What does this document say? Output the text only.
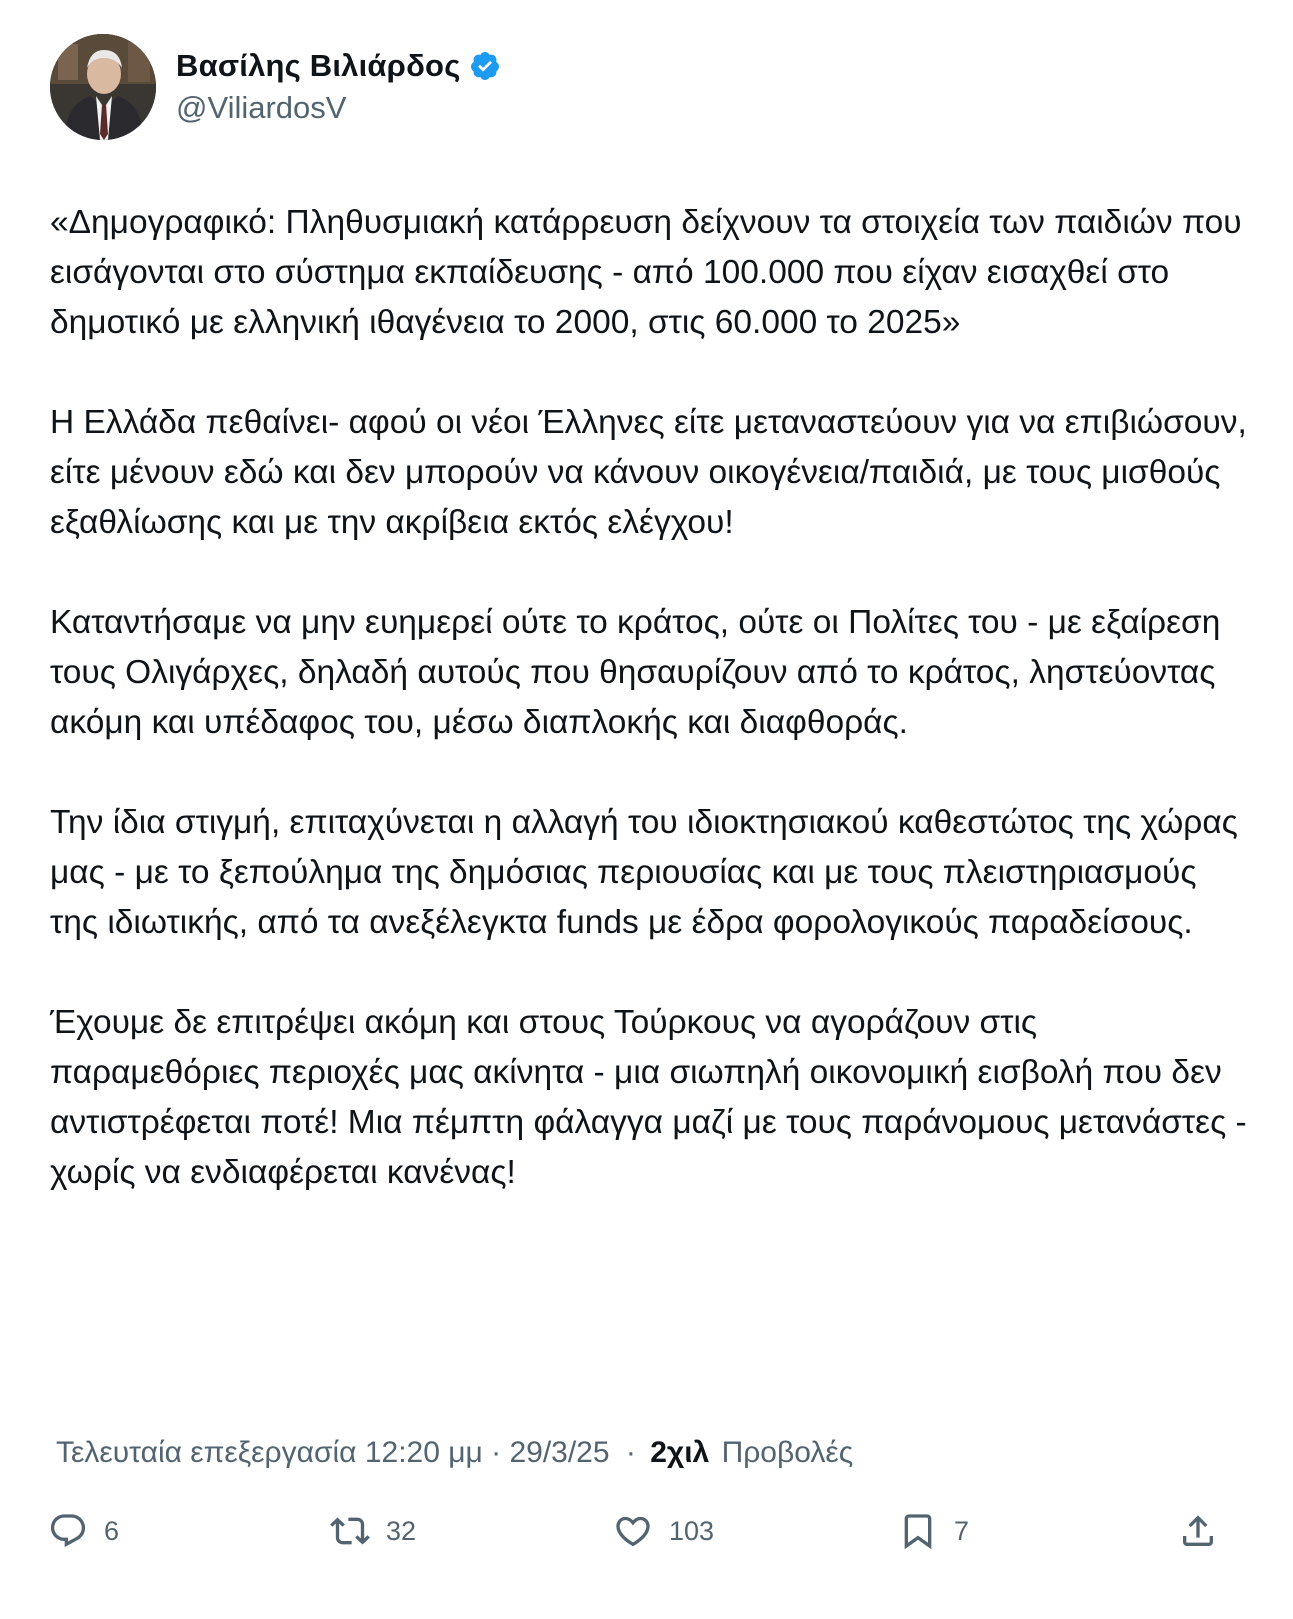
Βασίλης Βιλιάρδος
@ViliardosV

«Δημογραφικό: Πληθυσμιακή κατάρρευση δείχνουν τα στοιχεία των παιδιών που εισάγονται στο σύστημα εκπαίδευσης - από 100.000 που είχαν εισαχθεί στο δημοτικό με ελληνική ιθαγένεια το 2000, στις 60.000 το 2025»

Η Ελλάδα πεθαίνει- αφού οι νέοι Έλληνες είτε μεταναστεύουν για να επιβιώσουν, είτε μένουν εδώ και δεν μπορούν να κάνουν οικογένεια/παιδιά, με τους μισθούς εξαθλίωσης και με την ακρίβεια εκτός ελέγχου!

Καταντήσαμε να μην ευημερεί ούτε το κράτος, ούτε οι Πολίτες του - με εξαίρεση τους Ολιγάρχες, δηλαδή αυτούς που θησαυρίζουν από το κράτος, ληστεύοντας ακόμη και υπέδαφος του, μέσω διαπλοκής και διαφθοράς.

Την ίδια στιγμή, επιταχύνεται η αλλαγή του ιδιοκτησιακού καθεστώτος της χώρας μας - με το ξεπούλημα της δημόσιας περιουσίας και με τους πλειστηριασμούς της ιδιωτικής, από τα ανεξέλεγκτα funds με έδρα φορολογικούς παραδείσους.

Έχουμε δε επιτρέψει ακόμη και στους Τούρκους να αγοράζουν στις παραμεθόριες περιοχές μας ακίνητα - μια σιωπηλή οικονομική εισβολή που δεν αντιστρέφεται ποτέ! Μια πέμπτη φάλαγγα μαζί με τους παράνομους μετανάστες - χωρίς να ενδιαφέρεται κανένας!

Τελευταία επεξεργασία 12:20 μμ · 29/3/25 · 2χιλ Προβολές
6	32	103	7
